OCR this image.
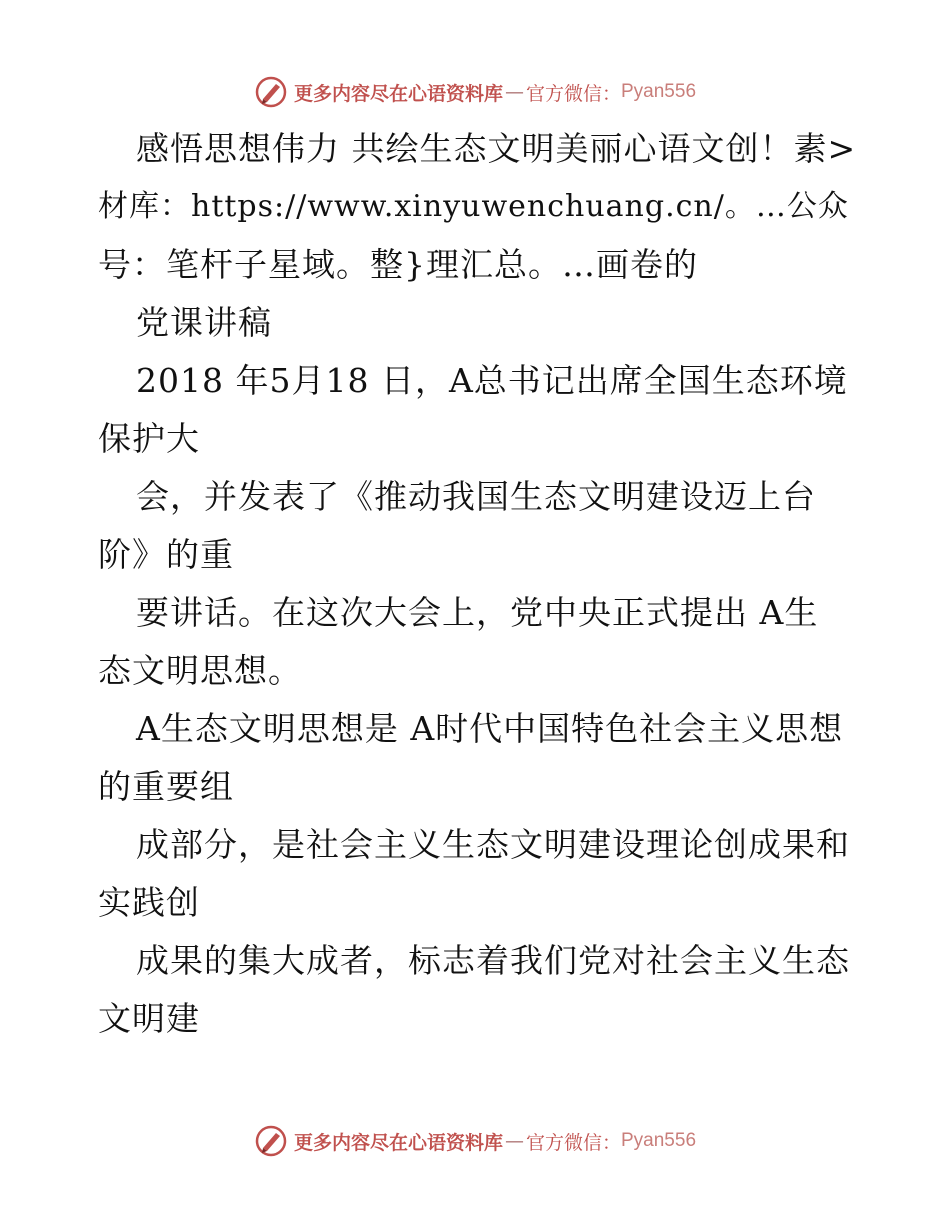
更多内容尽在心语资料库 — 官方微信： Pyan556
感悟思想伟力 共绘生态文明美丽心语文创！素>
材库：https://www.xinyuwenchuang.cn/。…公众
号：笔杆子星域。整}理汇总。…画卷的
党课讲稿
2018 年5月18 日，A总书记出席全国生态环境
保护大
会，并发表了《推动我国生态文明建设迈上台
阶》的重
要讲话。在这次大会上，党中央正式提出 A生
态文明思想。
A生态文明思想是 A时代中国特色社会主义思想
的重要组
成部分，是社会主义生态文明建设理论创成果和
实践创
成果的集大成者，标志着我们党对社会主义生态
文明建
更多内容尽在心语资料库 — 官方微信： Pyan556
